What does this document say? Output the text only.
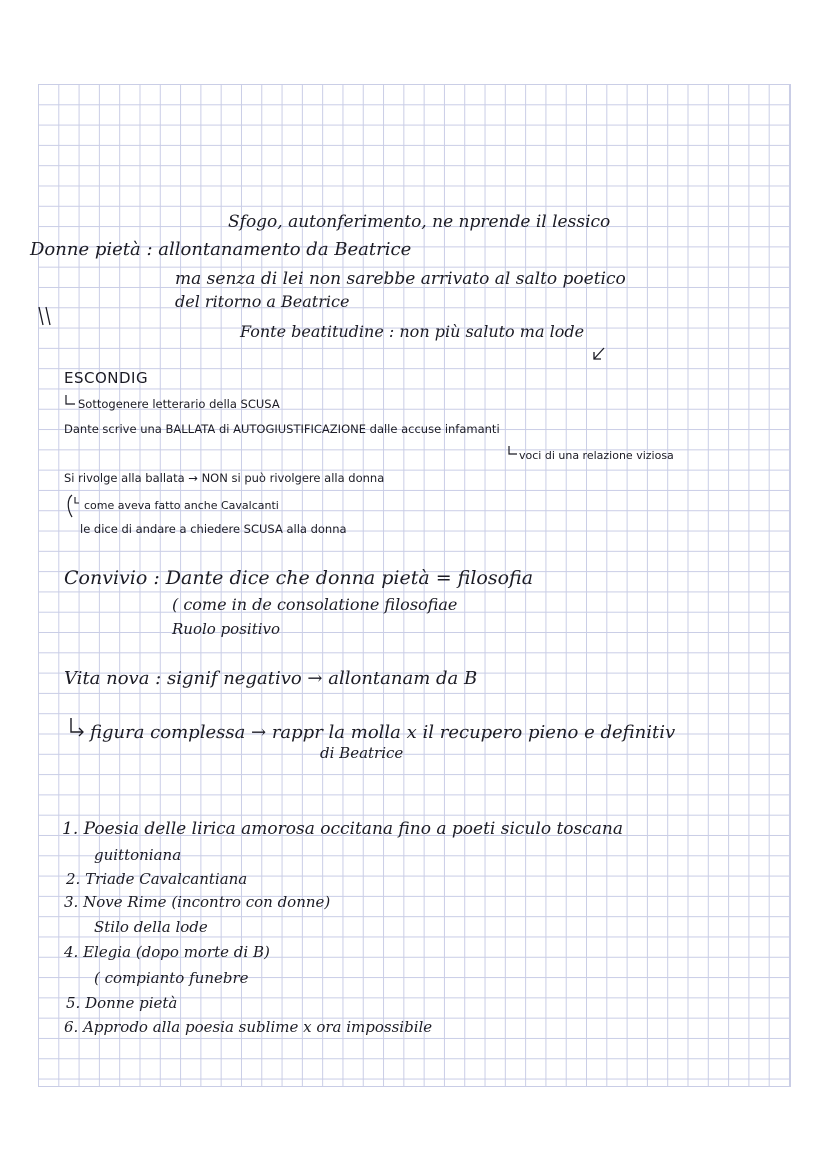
Sfogo, autonferimento, ne nprende il lessico
Donne pietà : allontanamento da Beatrice
ma senza di lei non sarebbe arrivato al salto poetico
del ritorno a Beatrice
Fonte beatitudine : non più saluto ma lode
ESCONDIG
Sottogenere letterario della SCUSA
Dante scrive una BALLATA di AUTOGIUSTIFICAZIONE dalle accuse infamanti
voci di una relazione viziosa
Si rivolge alla ballata → NON si può rivolgere alla donna
come aveva fatto anche Cavalcanti
le dice di andare a chiedere SCUSA alla donna
Convivio : Dante dice che donna pietà = filosofia
( come in de consolatione filosofiae
Ruolo positivo
Vita nova : signif negativo → allontanam da B
figura complessa → rappr la molla x il recupero pieno e definitiv
di Beatrice
1. Poesia delle lirica amorosa occitana fino a poeti siculo toscana
guittoniana
2. Triade Cavalcantiana
3. Nove Rime (incontro con donne)
Stilo della lode
4. Elegia (dopo morte di B)
( compianto funebre
5. Donne pietà
6. Approdo alla poesia sublime x ora impossibile
